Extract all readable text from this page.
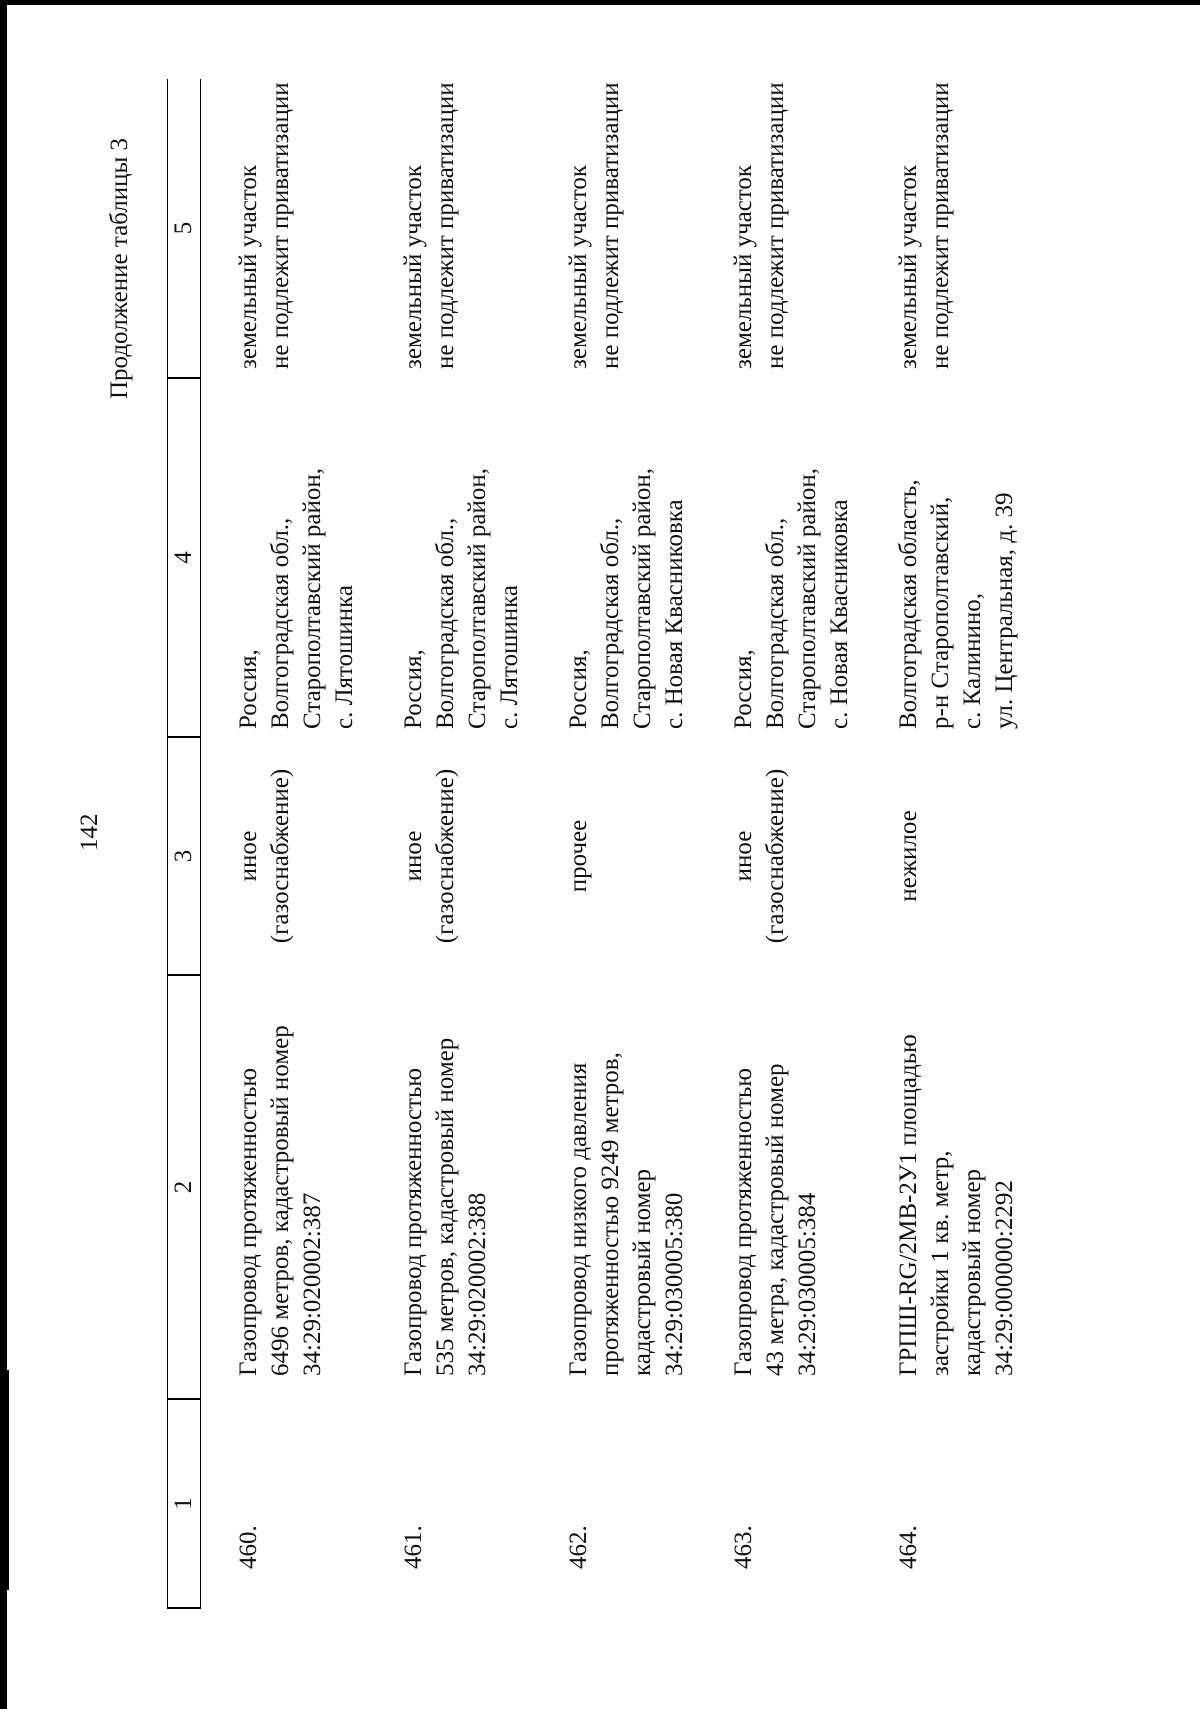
142
Продолжение таблицы 3
1
2
3
4
5
460.
Газопровод протяженностью 6496 метров, кадастровый номер 34:29:020002:387
иное (газоснабжение)
Россия, Волгоградская обл., Старополтавский район, с. Лятошинка
земельный участок не подлежит приватизации
461.
Газопровод протяженностью 535 метров, кадастровый номер 34:29:020002:388
иное (газоснабжение)
Россия, Волгоградская обл., Старополтавский район, с. Лятошинка
земельный участок не подлежит приватизации
462.
Газопровод низкого давления протяженностью 9249 метров, кадастровый номер 34:29:030005:380
прочее
Россия, Волгоградская обл., Старополтавский район, с. Новая Квасниковка
земельный участок не подлежит приватизации
463.
Газопровод протяженностью 43 метра, кадастровый номер 34:29:030005:384
иное (газоснабжение)
Россия, Волгоградская обл., Старополтавский район, с. Новая Квасниковка
земельный участок не подлежит приватизации
464.
ГРПШ-RG/2MB-2У1 площадью застройки 1 кв. метр, кадастровый номер 34:29:000000:2292
нежилое
Волгоградская область, р-н Старополтавский, с. Калинино, ул. Центральная, д. 39
земельный участок не подлежит приватизации
